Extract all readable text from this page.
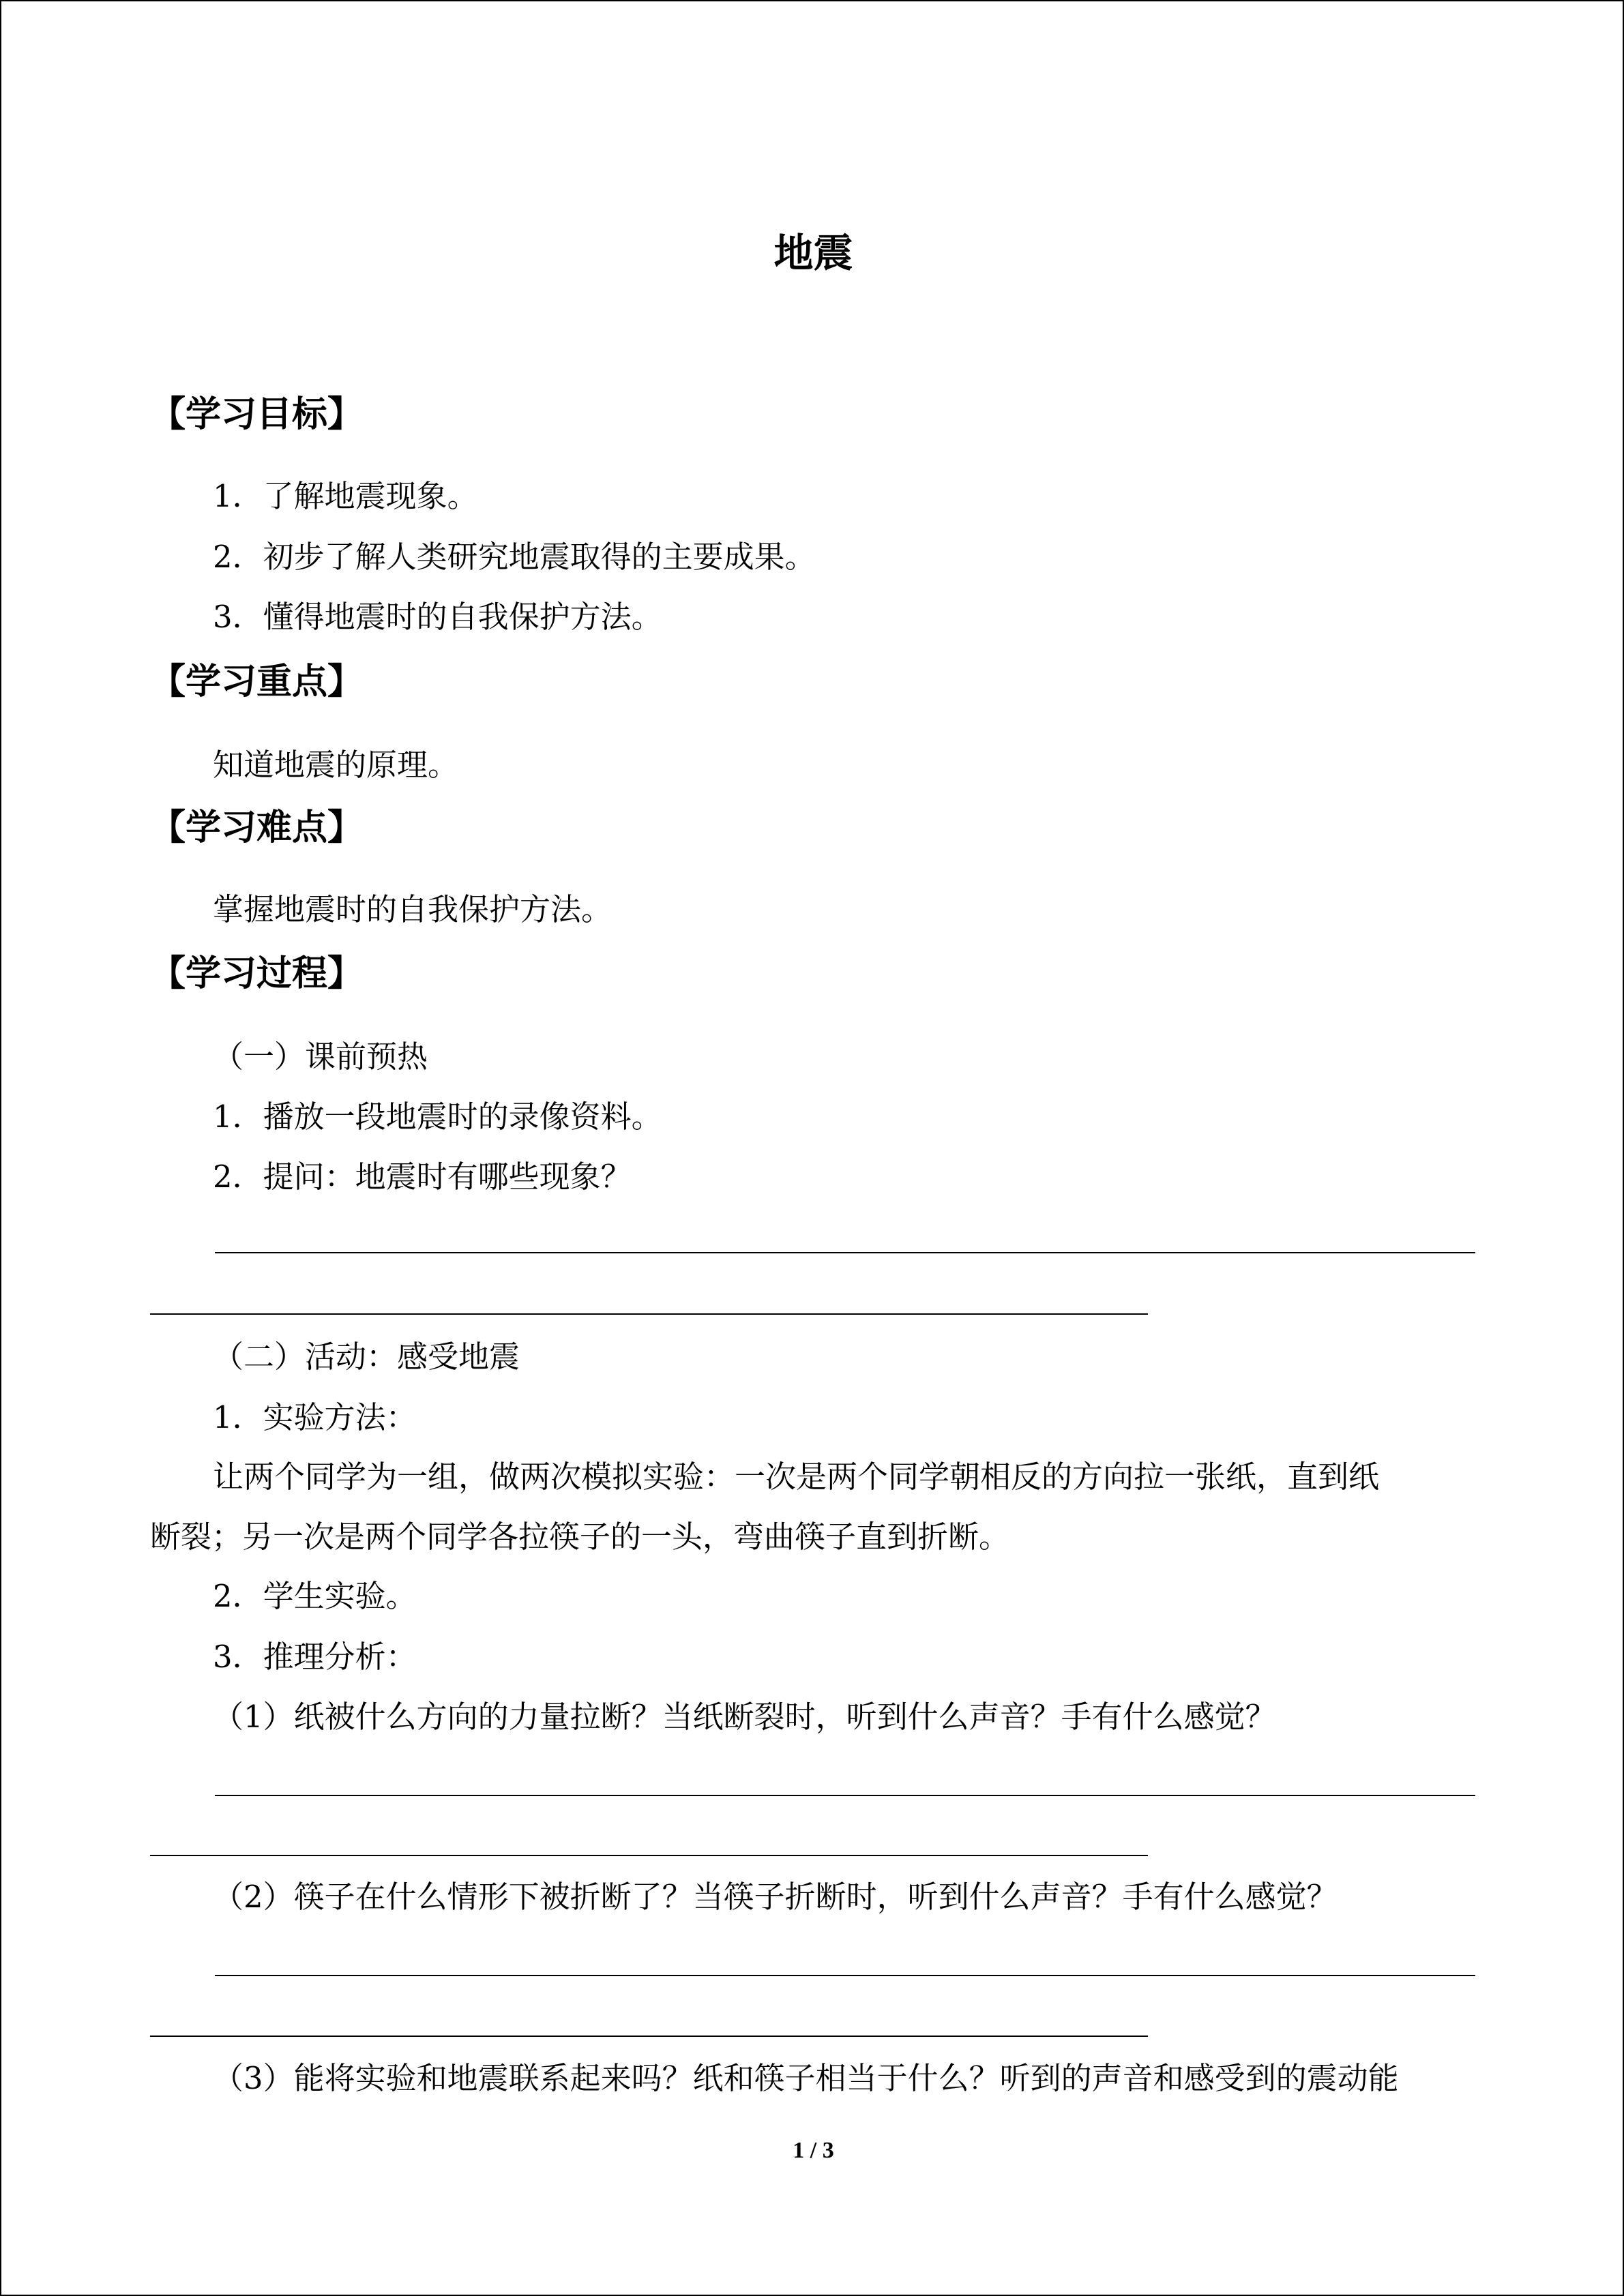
地震
【学习目标】
1．了解地震现象。
2．初步了解人类研究地震取得的主要成果。
3．懂得地震时的自我保护方法。
【学习重点】
知道地震的原理。
【学习难点】
掌握地震时的自我保护方法。
【学习过程】
（一）课前预热
1．播放一段地震时的录像资料。
2．提问：地震时有哪些现象？
（二）活动：感受地震
1．实验方法：
让两个同学为一组，做两次模拟实验：一次是两个同学朝相反的方向拉一张纸，直到纸
断裂；另一次是两个同学各拉筷子的一头，弯曲筷子直到折断。
2．学生实验。
3．推理分析：
（1）纸被什么方向的力量拉断？当纸断裂时，听到什么声音？手有什么感觉？
（2）筷子在什么情形下被折断了？当筷子折断时，听到什么声音？手有什么感觉？
（3）能将实验和地震联系起来吗？纸和筷子相当于什么？听到的声音和感受到的震动能
1 / 3
